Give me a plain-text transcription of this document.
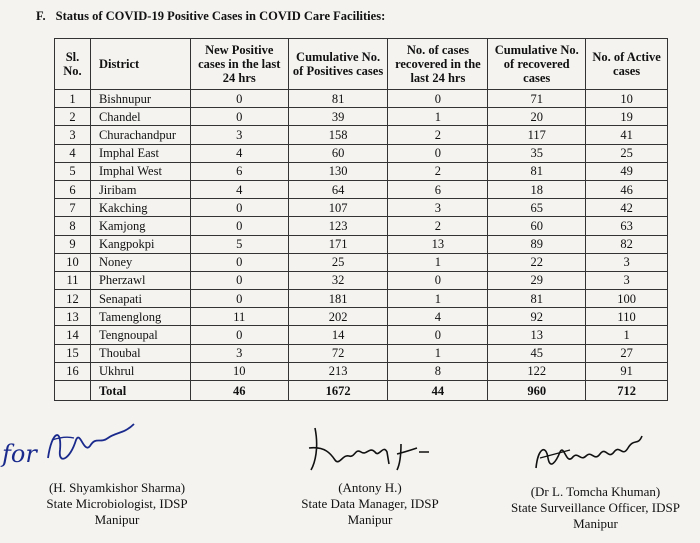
F. Status of COVID-19 Positive Cases in COVID Care Facilities:
Sl. No.	District	New Positive cases in the last 24 hrs	Cumulative No. of Positives cases	No. of cases recovered in the last 24 hrs	Cumulative No. of recovered cases	No. of Active cases
1	Bishnupur	0	81	0	71	10
2	Chandel	0	39	1	20	19
3	Churachandpur	3	158	2	117	41
4	Imphal East	4	60	0	35	25
5	Imphal West	6	130	2	81	49
6	Jiribam	4	64	6	18	46
7	Kakching	0	107	3	65	42
8	Kamjong	0	123	2	60	63
9	Kangpokpi	5	171	13	89	82
10	Noney	0	25	1	22	3
11	Pherzawl	0	32	0	29	3
12	Senapati	0	181	1	81	100
13	Tamenglong	11	202	4	92	110
14	Tengnoupal	0	14	0	13	1
15	Thoubal	3	72	1	45	27
16	Ukhrul	10	213	8	122	91
	Total	46	1672	44	960	712
for
(H. Shyamkishor Sharma)
State Microbiologist, IDSP
Manipur
(Antony H.)
State Data Manager, IDSP
Manipur
(Dr L. Tomcha Khuman)
State Surveillance Officer, IDSP
Manipur
